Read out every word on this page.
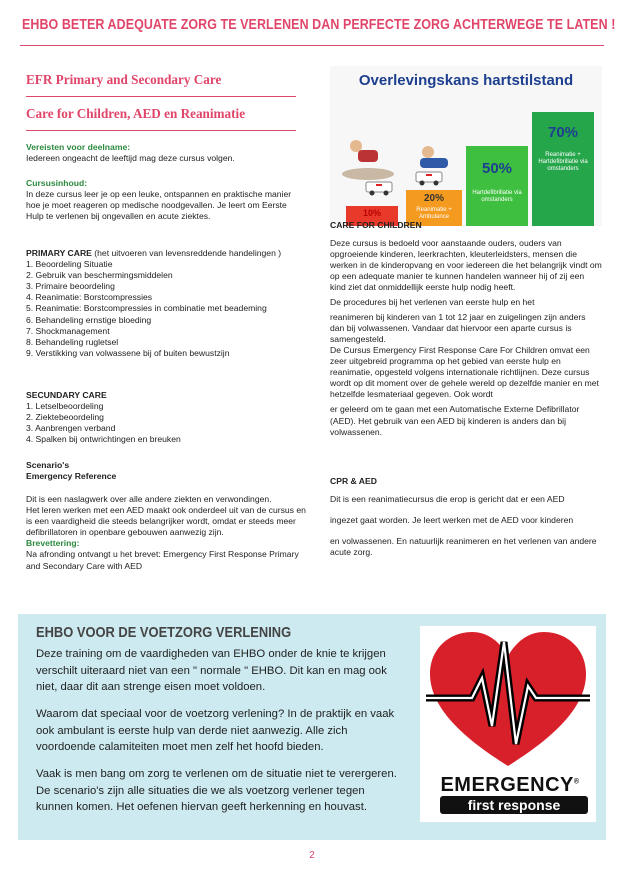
EHBO BETER ADEQUATE ZORG TE VERLENEN DAN PERFECTE ZORG ACHTERWEGE TE LATEN !
EFR Primary and Secondary Care
Care for Children, AED en Reanimatie

Vereisten voor deelname:

Iedereen ongeacht de leeftijd mag deze cursus volgen.

Cursusinhoud:

In deze cursus leer je op een leuke, ontspannen en praktische manier hoe je moet reageren op medische noodgevallen. Je leert om Eerste Hulp te verlenen bij ongevallen en acute ziektes.

PRIMARY CARE (het uitvoeren van levensreddende handelingen )

1. Beoordeling Situatie
2. Gebruik van beschermingsmiddelen
3. Primaire beoordeling
4. Reanimatie: Borstcompressies
5. Reanimatie: Borstcompressies in combinatie met beademing
6. Behandeling ernstige bloeding
7. Shockmanagement
8. Behandeling rugletsel
9. Verstikking van volwassene bij of buiten bewustzijn

SECUNDARY CARE

1. Letselbeoordeling
2. Ziektebeoordeling
3. Aanbrengen verband
4. Spalken bij ontwrichtingen en breuken

Scenario's

Emergency Reference

Dit is een naslagwerk over alle andere ziekten en verwondingen.

Het leren werken met een AED maakt ook onderdeel uit van de cursus en is een vaardigheid die steeds belangrijker wordt, omdat er steeds meer defibrillatoren in openbare gebouwen aanwezig zijn.

Brevettering:

Na afronding ontvangt u het brevet: Emergency First Response Primary and Secondary Care with AED

Overlevingskans hartstilstand
10%
20%
Reanimatie + Ambulance
50%
Hartdefibrillatie via omstanders
70%
Reanimatie + Hartdefibrillatie via omstanders

CARE FOR CHILDREN

Deze cursus is bedoeld voor aanstaande ouders, ouders van opgroeiende kinderen, leerkrachten, kleuterleidsters, mensen die werken in de kinderopvang en voor iedereen die het belangrijk vindt om op een adequate manier te kunnen handelen wanneer hij of zij een kind ziet dat onmiddellijk eerste hulp nodig heeft.

De procedures bij het verlenen van eerste hulp en het

reanimeren bij kinderen van 1 tot 12 jaar en zuigelingen zijn anders dan bij volwassenen. Vandaar dat hiervoor een aparte cursus is samengesteld.

De Cursus Emergency First Response Care For Children omvat een zeer uitgebreid programma op het gebied van eerste hulp en reanimatie, opgesteld volgens internationale richtlijnen. Deze cursus wordt op dit moment over de gehele wereld op dezelfde manier en met hetzelfde lesmateriaal gegeven. Ook wordt

er geleerd om te gaan met een Automatische Externe Defibrillator (AED). Het gebruik van een AED bij kinderen is anders dan bij volwassenen.

CPR & AED

Dit is een reanimatiecursus die erop is gericht dat er een AED

ingezet gaat worden. Je leert werken met de AED voor kinderen

en volwassenen. En natuurlijk reanimeren en het verlenen van andere acute zorg.

EHBO VOOR DE VOETZORG VERLENING
Deze training om de vaardigheden van EHBO onder de knie te krijgen verschilt uiteraard niet van een " normale " EHBO. Dit kan en mag ook niet, daar dit aan strenge eisen moet voldoen.
Waarom dat speciaal voor de voetzorg verlening? In de praktijk en vaak ook ambulant is eerste hulp van derde niet aanwezig. Alle zich voordoende calamiteiten moet men zelf het hoofd bieden.
Vaak is men bang om zorg te verlenen om de situatie niet te verergeren. De scenario's zijn alle situaties die we als voetzorg verlener tegen kunnen komen. Het oefenen hiervan geeft herkenning en houvast.
EMERGENCY®
first response
2
